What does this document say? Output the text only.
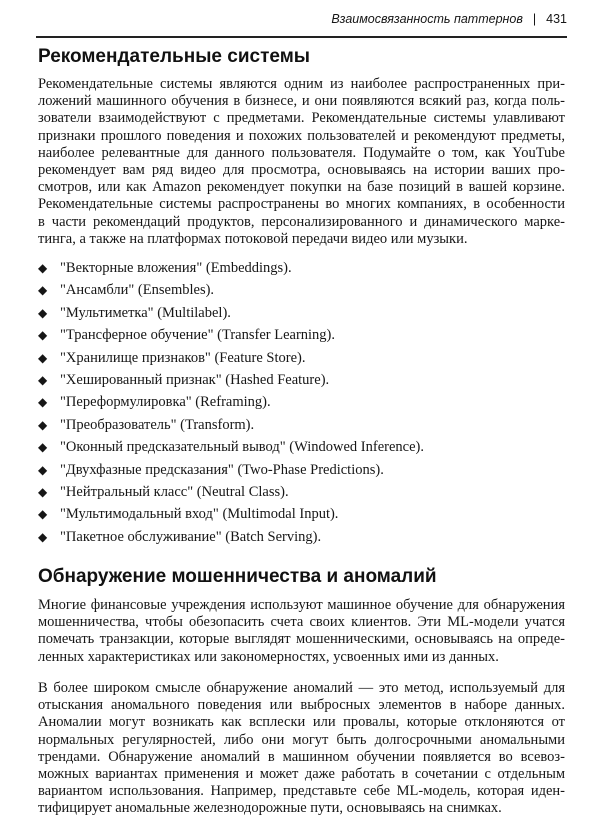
Взаимосвязанность паттернов | 431
Рекомендательные системы
Рекомендательные системы являются одним из наиболее распространенных при-
ложений машинного обучения в бизнесе, и они появляются всякий раз, когда поль-
зователи взаимодействуют с предметами. Рекомендательные системы улавливают
признаки прошлого поведения и похожих пользователей и рекомендуют предметы,
наиболее релевантные для данного пользователя. Подумайте о том, как YouTube
рекомендует вам ряд видео для просмотра, основываясь на истории ваших про-
смотров, или как Amazon рекомендует покупки на базе позиций в вашей корзине.
Рекомендательные системы распространены во многих компаниях, в особенности
в части рекомендаций продуктов, персонализированного и динамического марке-
тинга, а также на платформах потоковой передачи видео или музыки.
◆ "Векторные вложения" (Embeddings).
◆ "Ансамбли" (Ensembles).
◆ "Мультиметка" (Multilabel).
◆ "Трансферное обучение" (Transfer Learning).
◆ "Хранилище признаков" (Feature Store).
◆ "Хешированный признак" (Hashed Feature).
◆ "Переформулировка" (Reframing).
◆ "Преобразователь" (Transform).
◆ "Оконный предсказательный вывод" (Windowed Inference).
◆ "Двухфазные предсказания" (Two-Phase Predictions).
◆ "Нейтральный класс" (Neutral Class).
◆ "Мультимодальный вход" (Multimodal Input).
◆ "Пакетное обслуживание" (Batch Serving).
Обнаружение мошенничества и аномалий
Многие финансовые учреждения используют машинное обучение для обнаружения
мошенничества, чтобы обезопасить счета своих клиентов. Эти ML-модели учатся
помечать транзакции, которые выглядят мошенническими, основываясь на опреде-
ленных характеристиках или закономерностях, усвоенных ими из данных.
В более широком смысле обнаружение аномалий — это метод, используемый для
отыскания аномального поведения или выбросных элементов в наборе данных.
Аномалии могут возникать как всплески или провалы, которые отклоняются от
нормальных регулярностей, либо они могут быть долгосрочными аномальными
трендами. Обнаружение аномалий в машинном обучении появляется во всевоз-
можных вариантах применения и может даже работать в сочетании с отдельным
вариантом использования. Например, представьте себе ML-модель, которая иден-
тифицирует аномальные железнодорожные пути, основываясь на снимках.
